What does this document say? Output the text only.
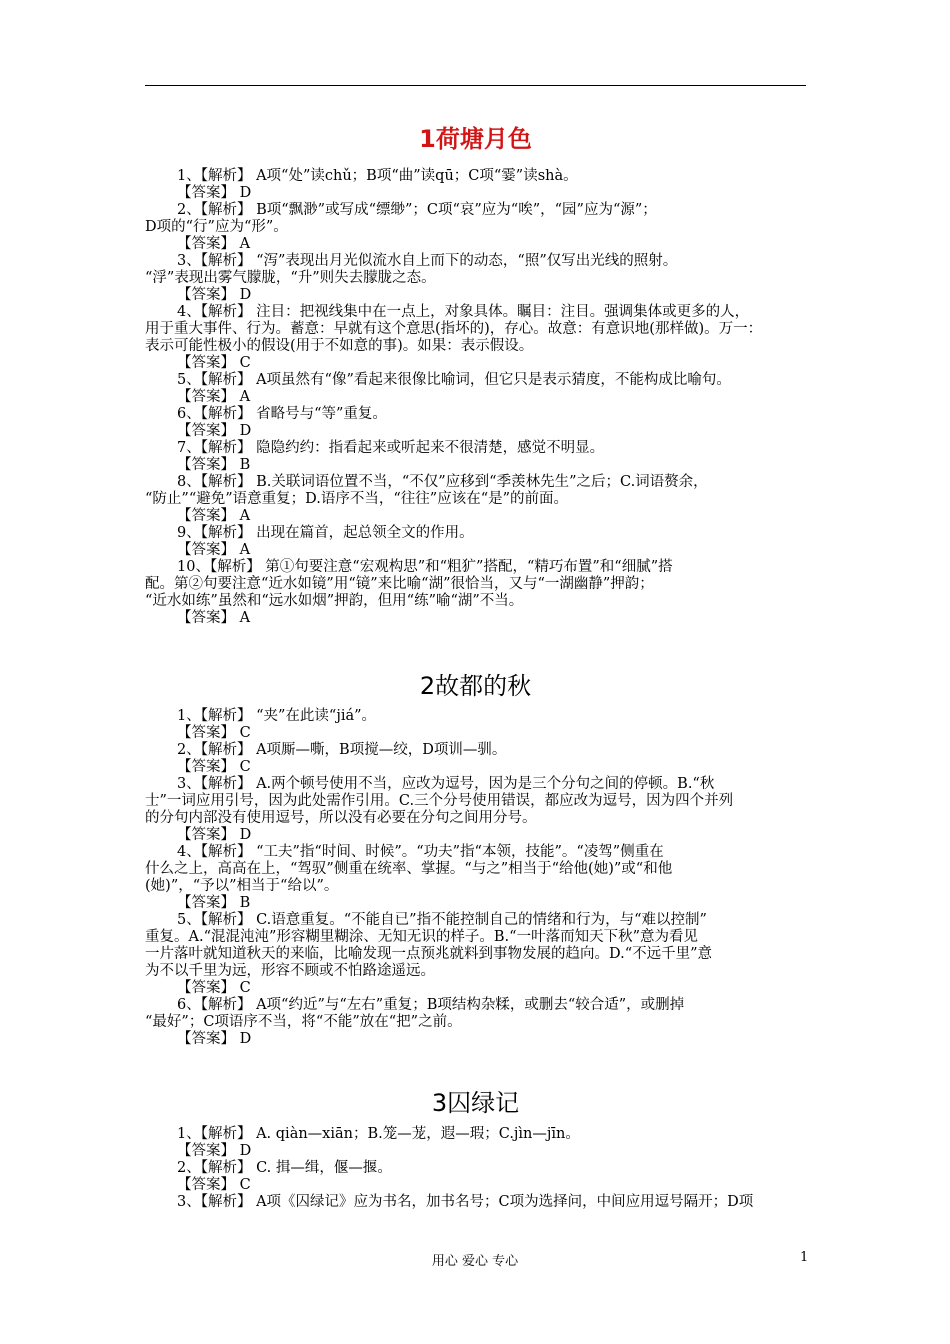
1荷塘月色
1、【解析】 A项“处”读chǔ；B项“曲”读qū；C项“霎”读shà。
【答案】 D
2、【解析】 B项“飘渺”或写成“缥缈”；C项“哀”应为“唉”，“园”应为“源”；
D项的“行”应为“形”。
【答案】 A
3、【解析】 “泻”表现出月光似流水自上而下的动态，“照”仅写出光线的照射。
“浮”表现出雾气朦胧，“升”则失去朦胧之态。
【答案】 D
4、【解析】 注目：把视线集中在一点上，对象具体。瞩目：注目。强调集体或更多的人，
用于重大事件、行为。蓄意：早就有这个意思(指坏的)，存心。故意：有意识地(那样做)。万一：
表示可能性极小的假设(用于不如意的事)。如果：表示假设。
【答案】 C
5、【解析】 A项虽然有“像”看起来很像比喻词，但它只是表示猜度，不能构成比喻句。
【答案】 A
6、【解析】 省略号与“等”重复。
【答案】 D
7、【解析】 隐隐约约：指看起来或听起来不很清楚，感觉不明显。
【答案】 B
8、【解析】 B.关联词语位置不当，“不仅”应移到“季羡林先生”之后；C.词语赘余，
“防止”“避免”语意重复；D.语序不当，“往往”应该在“是”的前面。
【答案】 A
9、【解析】 出现在篇首，起总领全文的作用。
【答案】 A
10、【解析】 第①句要注意“宏观构思”和“粗犷”搭配，“精巧布置”和“细腻”搭
配。第②句要注意“近水如镜”用“镜”来比喻“湖”很恰当，又与“一湖幽静”押韵；
“近水如练”虽然和“远水如烟”押韵，但用“练”喻“湖”不当。
【答案】 A
2故都的秋
1、【解析】 “夹”在此读“jiá”。
【答案】 C
2、【解析】 A项厮—嘶，B项搅—绞，D项训—驯。
【答案】 C
3、【解析】 A.两个顿号使用不当，应改为逗号，因为是三个分句之间的停顿。B.“秋
士”一词应用引号，因为此处需作引用。C.三个分号使用错误，都应改为逗号，因为四个并列
的分句内部没有使用逗号，所以没有必要在分句之间用分号。
【答案】 D
4、【解析】 “工夫”指“时间、时候”。“功夫”指“本领，技能”。“凌驾”侧重在
什么之上，高高在上，“驾驭”侧重在统率、掌握。“与之”相当于“给他(她)”或“和他
(她)”，“予以”相当于“给以”。
【答案】 B
5、【解析】 C.语意重复。“不能自已”指不能控制自己的情绪和行为，与“难以控制”
重复。A.“混混沌沌”形容糊里糊涂、无知无识的样子。B.“一叶落而知天下秋”意为看见
一片落叶就知道秋天的来临，比喻发现一点预兆就料到事物发展的趋向。D.“不远千里”意
为不以千里为远，形容不顾或不怕路途遥远。
【答案】 C
6、【解析】 A项“约近”与“左右”重复；B项结构杂糅，或删去“较合适”，或删掉
“最好”；C项语序不当，将“不能”放在“把”之前。
【答案】 D
3囚绿记
1、【解析】 A. qiàn—xiān；B.笼—茏，遐—瑕；C.jìn—jīn。
【答案】 D
2、【解析】 C. 揖—缉，偃—揠。
【答案】 C
3、【解析】 A项《囚绿记》应为书名，加书名号；C项为选择问，中间应用逗号隔开；D项
用心 爱心 专心	1
